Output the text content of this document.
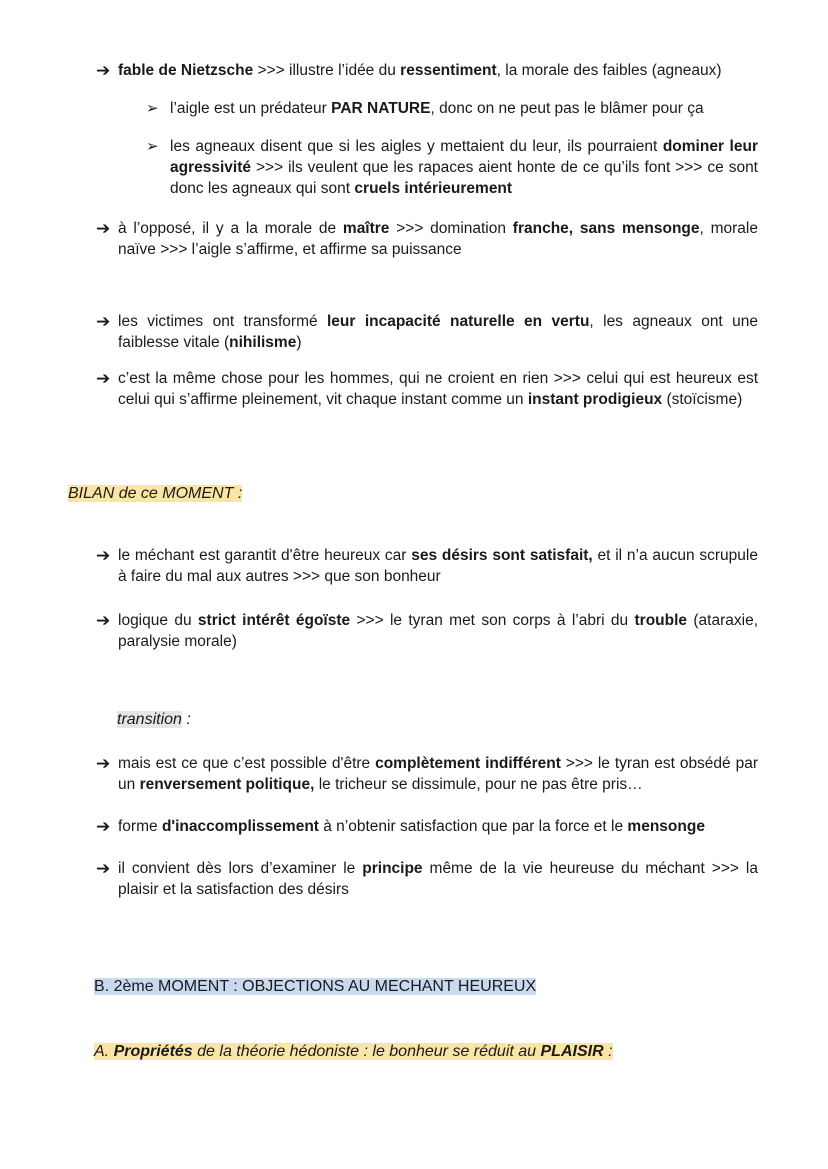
➔ fable de Nietzsche >>> illustre l’idée du ressentiment, la morale des faibles (agneaux)
➢ l’aigle est un prédateur PAR NATURE, donc on ne peut pas le blâmer pour ça
➢ les agneaux disent que si les aigles y mettaient du leur, ils pourraient dominer leur agressivité >>> ils veulent que les rapaces aient honte de ce qu’ils font >>> ce sont donc les agneaux qui sont cruels intérieurement
➔ à l’opposé, il y a la morale de maître >>> domination franche, sans mensonge, morale naïve >>> l’aigle s’affirme, et affirme sa puissance
➔ les victimes ont transformé leur incapacité naturelle en vertu, les agneaux ont une faiblesse vitale (nihilisme)
➔ c’est la même chose pour les hommes, qui ne croient en rien >>> celui qui est heureux est celui qui s’affirme pleinement, vit chaque instant comme un instant prodigieux (stoïcisme)
BILAN de ce MOMENT :
➔ le méchant est garantit d'être heureux car ses désirs sont satisfait, et il n’a aucun scrupule à faire du mal aux autres >>> que son bonheur
➔ logique du strict intérêt égoïste >>> le tyran met son corps à l’abri du trouble (ataraxie, paralysie morale)
transition :
➔ mais est ce que c’est possible d'être complètement indifférent >>> le tyran est obsédé par un renversement politique, le tricheur se dissimule, pour ne pas être pris…
➔ forme d'inaccomplissement à n’obtenir satisfaction que par la force et le mensonge
➔ il convient dès lors d’examiner le principe même de la vie heureuse du méchant >>> la plaisir et la satisfaction des désirs
B. 2ème MOMENT : OBJECTIONS AU MECHANT HEUREUX
A. Propriétés de la théorie hédoniste : le bonheur se réduit au PLAISIR :
